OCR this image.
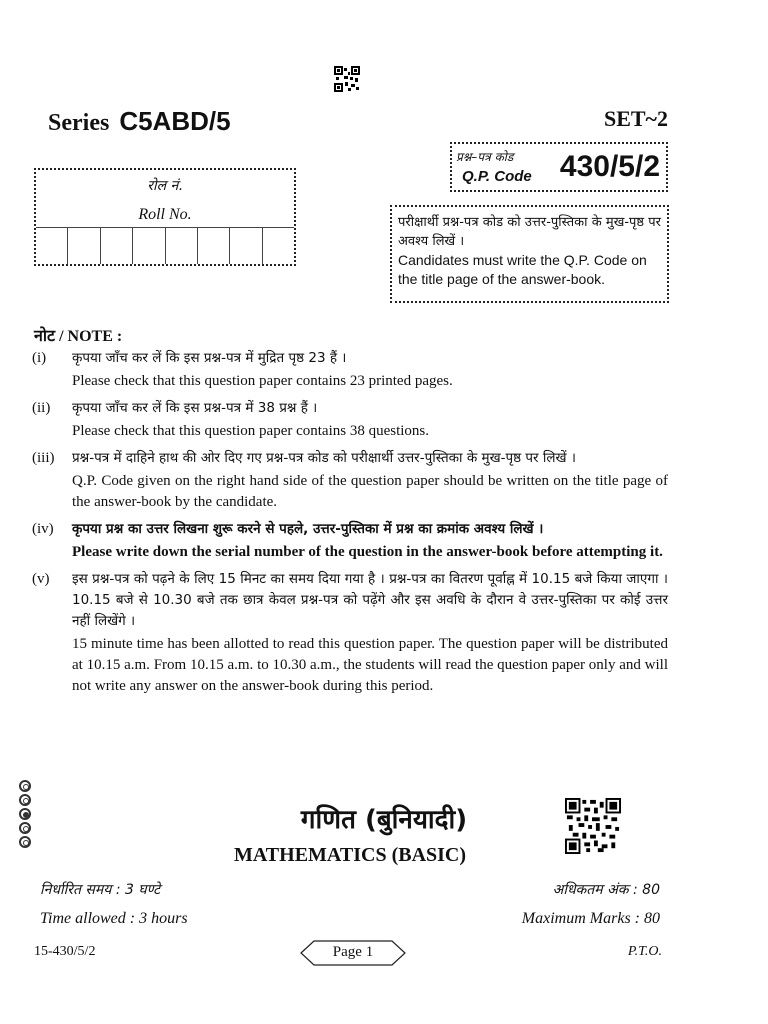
Series C5ABD/5	SET~2
रोल नं.
Roll No.
प्रश्न–पत्र कोड
Q.P. Code 430/5/2
परीक्षार्थी प्रश्न-पत्र कोड को उत्तर-पुस्तिका के मुख-पृष्ठ पर अवश्य लिखें ।
Candidates must write the Q.P. Code on the title page of the answer-book.
नोट / NOTE :
(i)	कृपया जाँच कर लें कि इस प्रश्न-पत्र में मुद्रित पृष्ठ 23 हैं ।

Please check that this question paper contains 23 printed pages.

(ii)	कृपया जाँच कर लें कि इस प्रश्न-पत्र में 38 प्रश्न हैं ।

Please check that this question paper contains 38 questions.

(iii)	प्रश्न-पत्र में दाहिने हाथ की ओर दिए गए प्रश्न-पत्र कोड को परीक्षार्थी उत्तर-पुस्तिका के मुख-पृष्ठ पर लिखें ।

Q.P. Code given on the right hand side of the question paper should be written on the title page of the answer-book by the candidate.

(iv)	कृपया प्रश्न का उत्तर लिखना शुरू करने से पहले, उत्तर-पुस्तिका में प्रश्न का क्रमांक अवश्य लिखें ।

Please write down the serial number of the question in the answer-book before attempting it.

(v)	इस प्रश्न-पत्र को पढ़ने के लिए 15 मिनट का समय दिया गया है । प्रश्न-पत्र का वितरण पूर्वाह्न में 10.15 बजे किया जाएगा । 10.15 बजे से 10.30 बजे तक छात्र केवल प्रश्न-पत्र को पढ़ेंगे और इस अवधि के दौरान वे उत्तर-पुस्तिका पर कोई उत्तर नहीं लिखेंगे ।

15 minute time has been allotted to read this question paper. The question paper will be distributed at 10.15 a.m. From 10.15 a.m. to 10.30 a.m., the students will read the question paper only and will not write any answer on the answer-book during this period.

गणित (बुनियादी)
MATHEMATICS (BASIC)
निर्धारित समय : 3 घण्टे	अधिकतम अंक : 80
Time allowed : 3 hours	Maximum Marks : 80
15-430/5/2	Page 1	P.T.O.
